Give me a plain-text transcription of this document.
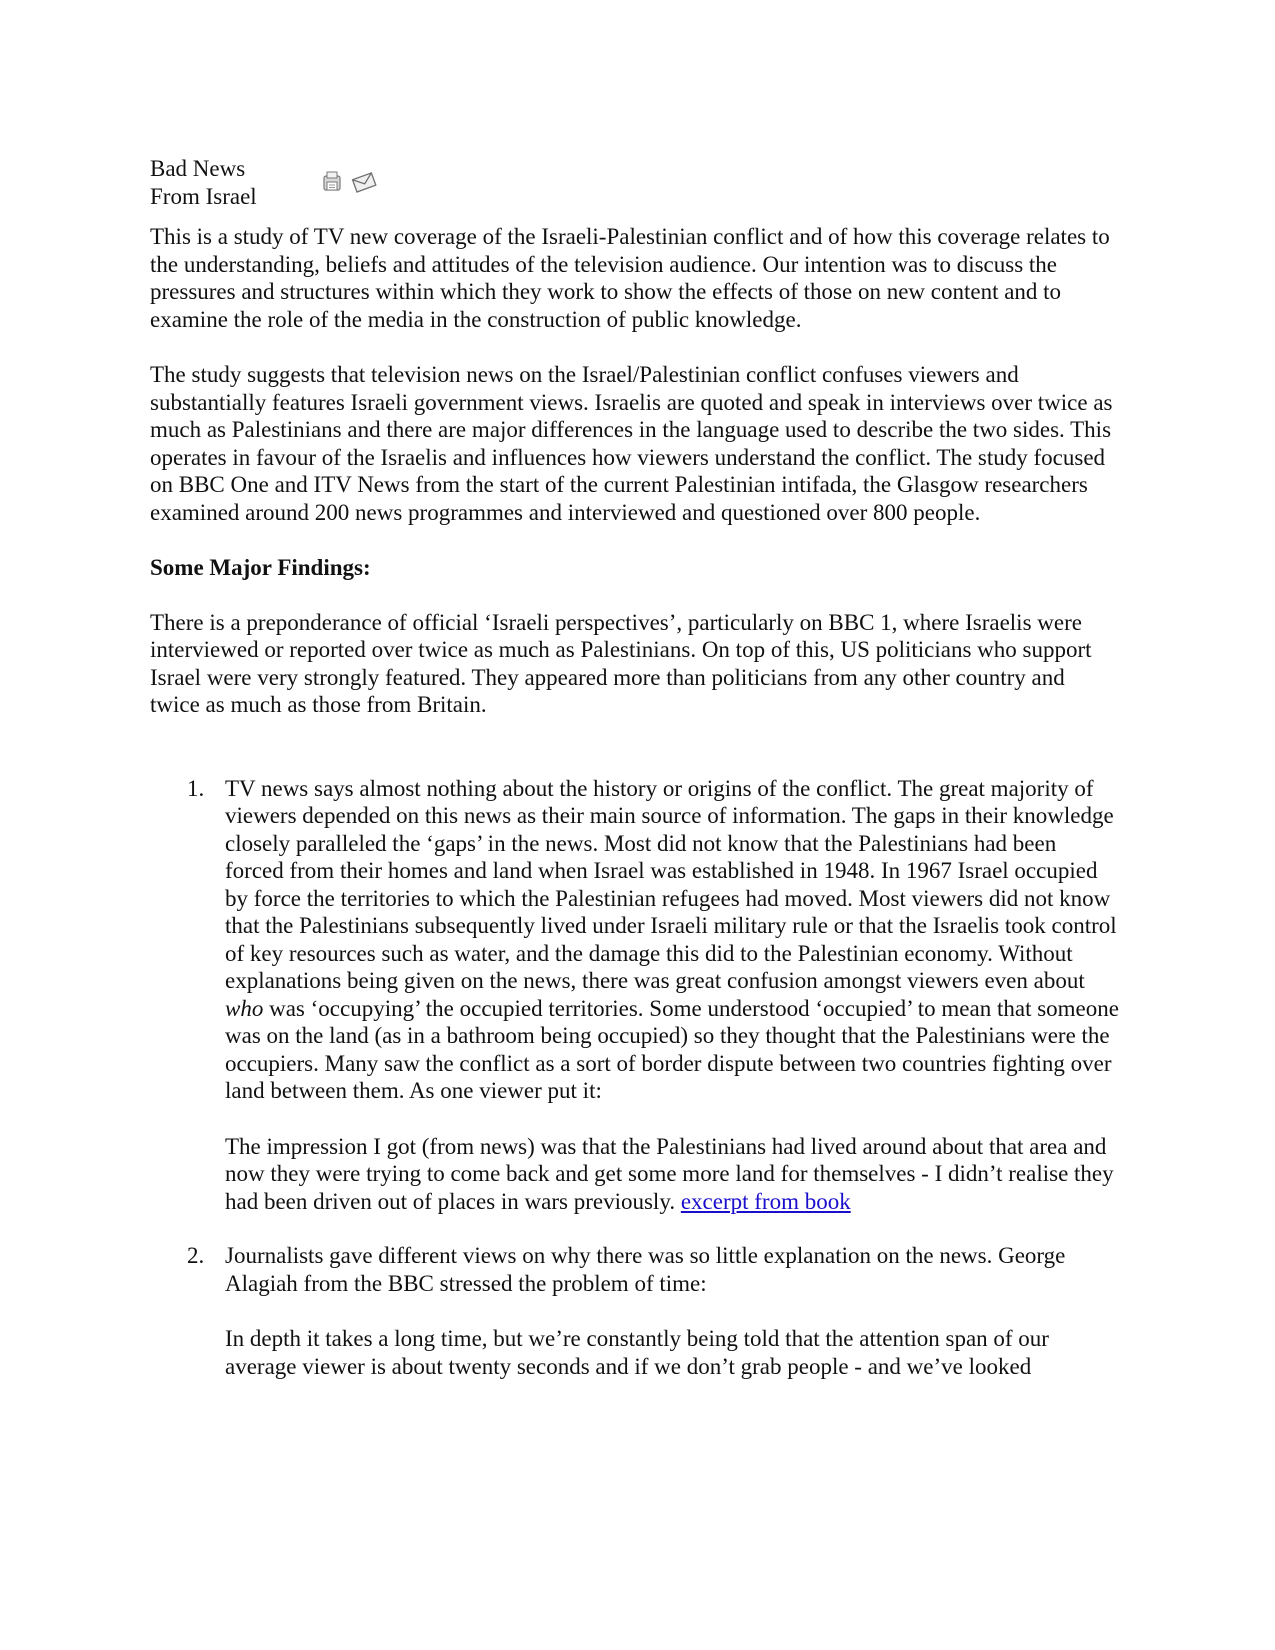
Bad News
From Israel

This is a study of TV new coverage of the Israeli-Palestinian conflict and of how this coverage relates to the understanding, beliefs and attitudes of the television audience. Our intention was to discuss the pressures and structures within which they work to show the effects of those on new content and to examine the role of the media in the construction of public knowledge.

The study suggests that television news on the Israel/Palestinian conflict confuses viewers and substantially features Israeli government views. Israelis are quoted and speak in interviews over twice as much as Palestinians and there are major differences in the language used to describe the two sides. This operates in favour of the Israelis and influences how viewers understand the conflict. The study focused on BBC One and ITV News from the start of the current Palestinian intifada, the Glasgow researchers examined around 200 news programmes and interviewed and questioned over 800 people.

Some Major Findings:

There is a preponderance of official ‘Israeli perspectives’, particularly on BBC 1, where Israelis were interviewed or reported over twice as much as Palestinians. On top of this, US politicians who support Israel were very strongly featured. They appeared more than politicians from any other country and twice as much as those from Britain.

1. TV news says almost nothing about the history or origins of the conflict. The great majority of viewers depended on this news as their main source of information. The gaps in their knowledge closely paralleled the ‘gaps’ in the news. Most did not know that the Palestinians had been forced from their homes and land when Israel was established in 1948. In 1967 Israel occupied by force the territories to which the Palestinian refugees had moved. Most viewers did not know that the Palestinians subsequently lived under Israeli military rule or that the Israelis took control of key resources such as water, and the damage this did to the Palestinian economy. Without explanations being given on the news, there was great confusion amongst viewers even about who was ‘occupying’ the occupied territories. Some understood ‘occupied’ to mean that someone was on the land (as in a bathroom being occupied) so they thought that the Palestinians were the occupiers. Many saw the conflict as a sort of border dispute between two countries fighting over land between them. As one viewer put it:

The impression I got (from news) was that the Palestinians had lived around about that area and now they were trying to come back and get some more land for themselves - I didn’t realise they had been driven out of places in wars previously. excerpt from book

2. Journalists gave different views on why there was so little explanation on the news. George Alagiah from the BBC stressed the problem of time:

In depth it takes a long time, but we’re constantly being told that the attention span of our average viewer is about twenty seconds and if we don’t grab people - and we’ve looked
